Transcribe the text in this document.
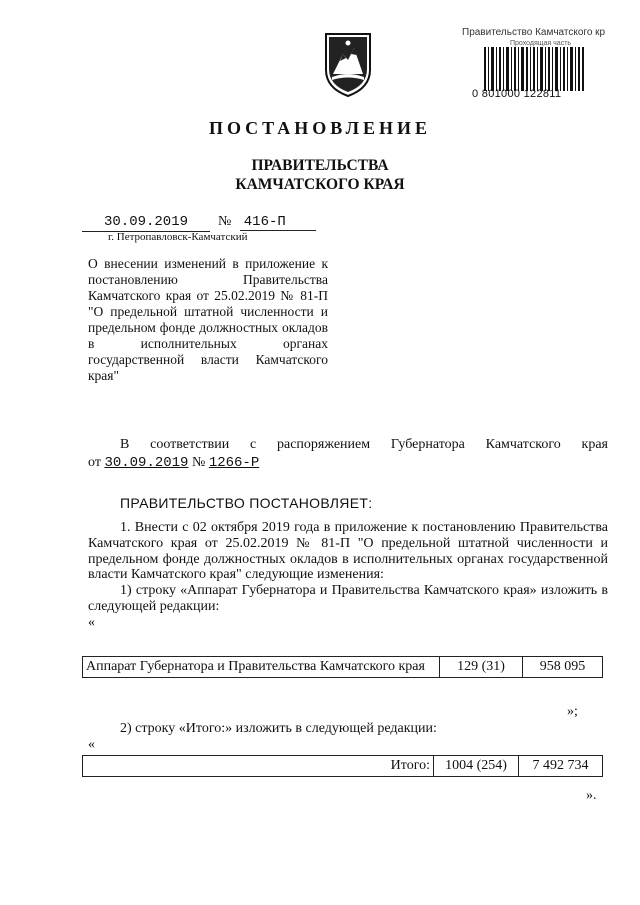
Правительство Камчатского кр
Проходящая часть
0 801000 122811
ПОСТАНОВЛЕНИЕ
ПРАВИТЕЛЬСТВА
КАМЧАТСКОГО КРАЯ
30.09.2019 № 416-П
г. Петропавловск-Камчатский
О внесении изменений в приложение к постановлению Правительства Камчатского края от 25.02.2019 № 81-П "О предельной штатной численности и предельном фонде должностных окладов в исполнительных органах государственной власти Камчатского края"
В соответствии с распоряжением Губернатора Камчатского края
от 30.09.2019 № 1266-Р
ПРАВИТЕЛЬСТВО ПОСТАНОВЛЯЕТ:
1. Внести с 02 октября 2019 года в приложение к постановлению Правительства Камчатского края от 25.02.2019 № 81-П "О предельной штатной численности и предельном фонде должностных окладов в исполнительных органах государственной власти Камчатского края" следующие изменения:
1) строку «Аппарат Губернатора и Правительства Камчатского края» изложить в следующей редакции:
«
Аппарат Губернатора и Правительства Камчатского края	129 (31)	958 095
»;
2) строку «Итого:» изложить в следующей редакции:
«
Итого:	1004 (254)	7 492 734
».
